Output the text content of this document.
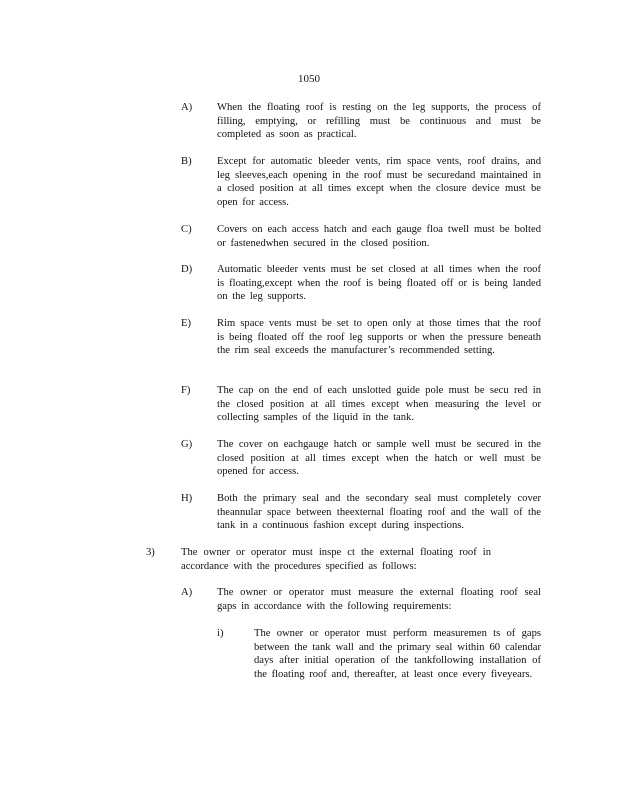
1050
A) When the floating roof is resting on the leg supports, the process of filling, emptying, or refilling must be continuous and must be completed as soon as practical.
B) Except for automatic bleeder vents, rim space vents, roof drains, and leg sleeves,each opening in the roof must be securedand maintained in a closed position at all times except when the closure device must be open for access.
C) Covers on each access hatch and each gauge floa twell must be bolted or fastenedwhen secured in the closed position.
D) Automatic bleeder vents must be set closed at all times when the roof is floating,except when the roof is being floated off or is being landed on the leg supports.
E) Rim space vents must be set to open only at those times that the roof is being floated off the roof leg supports or when the pressure beneath the rim seal exceeds the manufacturer’s recommended setting.
F)	The cap on the end of each unslotted guide pole must be secu red in the closed position at all times except when measuring the level or collecting samples of the liquid in the tank.
G) The cover on eachgauge hatch or sample well must be secured in the closed position at all times except when the hatch or well must be opened for access.
H) Both the primary seal and the secondary seal must completely cover theannular space between theexternal floating roof and the wall of the tank in a continuous fashion except during inspections.
3) The owner or operator must inspe ct the external floating roof in accordance with the procedures specified as follows:
A) The owner or operator must measure the external floating roof seal gaps in accordance with the following requirements:
i)	The owner or operator must perform measuremen ts of gaps between the tank wall and the primary seal within 60 calendar days after initial operation of the tankfollowing installation of the floating roof and, thereafter, at least once every fiveyears.
